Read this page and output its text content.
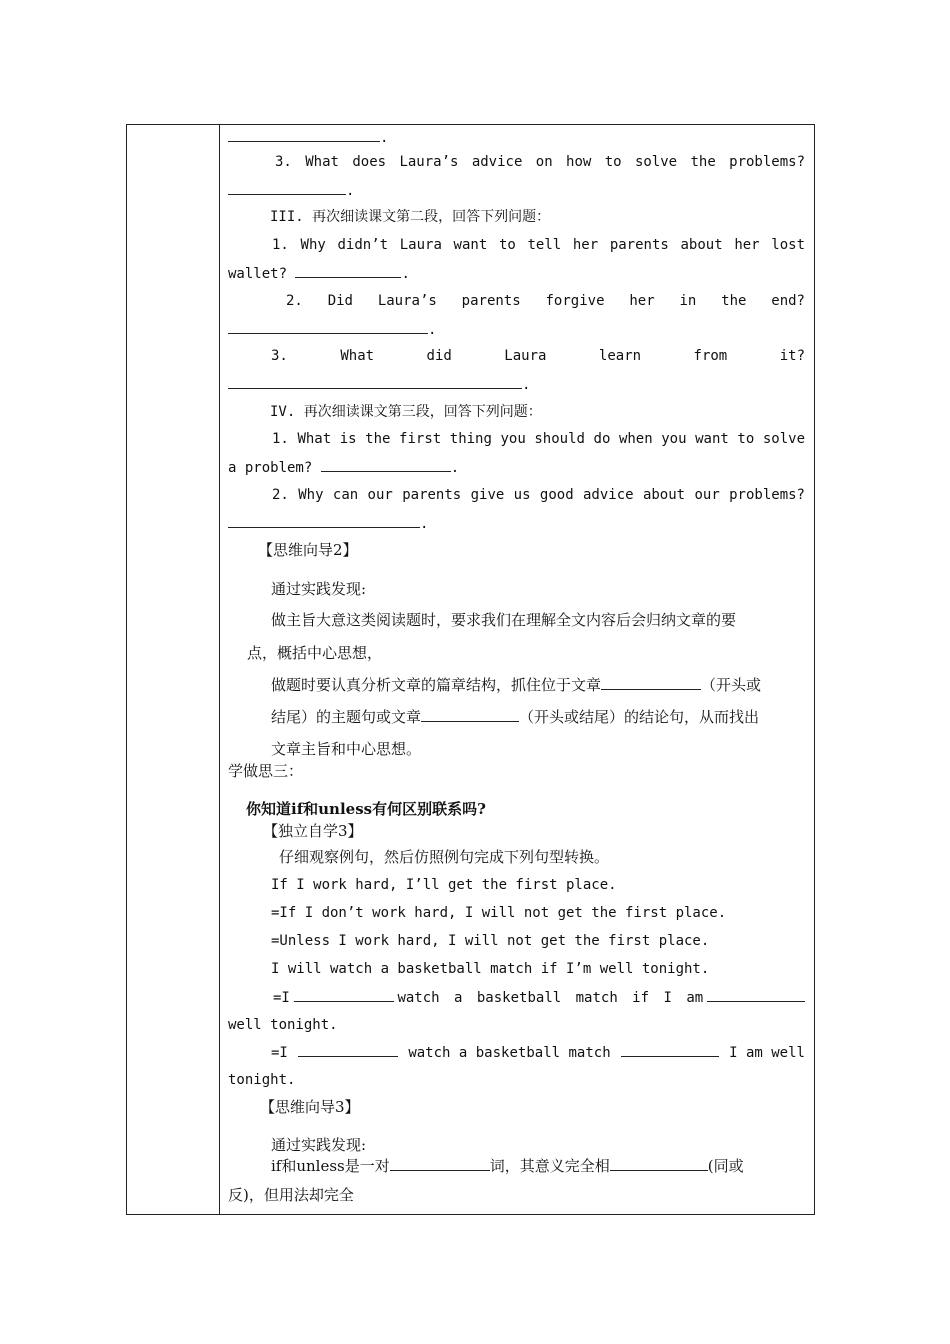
.
3. What does Laura’s advice on how to solve the problems?
.
III. 再次细读课文第二段，回答下列问题：
1. Why didn’t Laura want to tell her parents about her lost
wallet?	.
2. Did Laura’s parents forgive her in the end?
.
3. What did Laura learn from it?
.
IV. 再次细读课文第三段，回答下列问题：
1. What is the first thing you should do when you want to solve
a problem?	.
2. Why can our parents give us good advice about our problems?
.
【思维向导2】
通过实践发现:
做主旨大意这类阅读题时，要求我们在理解全文内容后会归纳文章的要
点，概括中心思想，
做题时要认真分析文章的篇章结构，抓住位于文章	（开头或
结尾）的主题句或文章	（开头或结尾）的结论句，从而找出
文章主旨和中心思想。
学做思三：
你知道if和unless有何区别联系吗?
【独立自学3】
仔细观察例句，然后仿照例句完成下列句型转换。
If I work hard, I’ll get the first place.
=If I don’t work hard, I will not get the first place.
=Unless I work hard, I will not get the first place.
I will watch a basketball match if I’m well tonight.
=I	watch a basketball match if I am
well tonight.
=I	watch a basketball match	I am well
tonight.
【思维向导3】
通过实践发现:
if和unless是一对	词，其意义完全相	(同或
反)，但用法却完全
